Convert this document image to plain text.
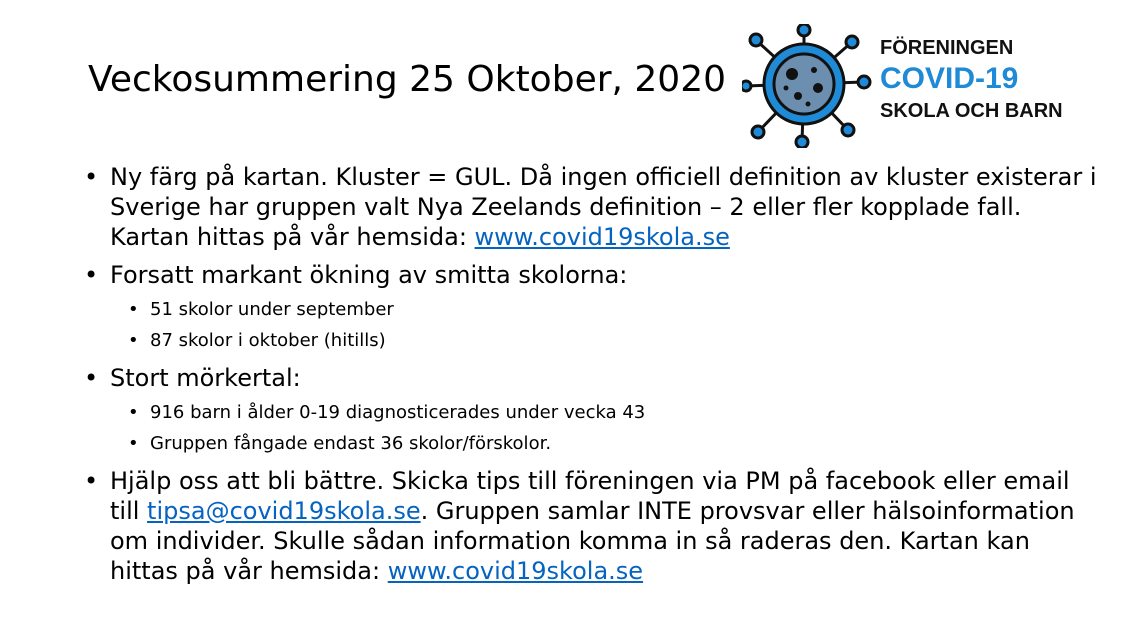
Veckosummering 25 Oktober, 2020
FÖRENINGEN
COVID-19
SKOLA OCH BARN
• Ny färg på kartan. Kluster = GUL. Då ingen officiell definition av kluster existerar i Sverige har gruppen valt Nya Zeelands definition – 2 eller fler kopplade fall. Kartan hittas på vår hemsida: www.covid19skola.se
• Forsatt markant ökning av smitta skolorna:
• 51 skolor under september
• 87 skolor i oktober (hitills)
• Stort mörkertal:
• 916 barn i ålder 0-19 diagnosticerades under vecka 43
• Gruppen fångade endast 36 skolor/förskolor.
• Hjälp oss att bli bättre. Skicka tips till föreningen via PM på facebook eller email till tipsa@covid19skola.se. Gruppen samlar INTE provsvar eller hälsoinformation om individer. Skulle sådan information komma in så raderas den. Kartan kan hittas på vår hemsida: www.covid19skola.se
